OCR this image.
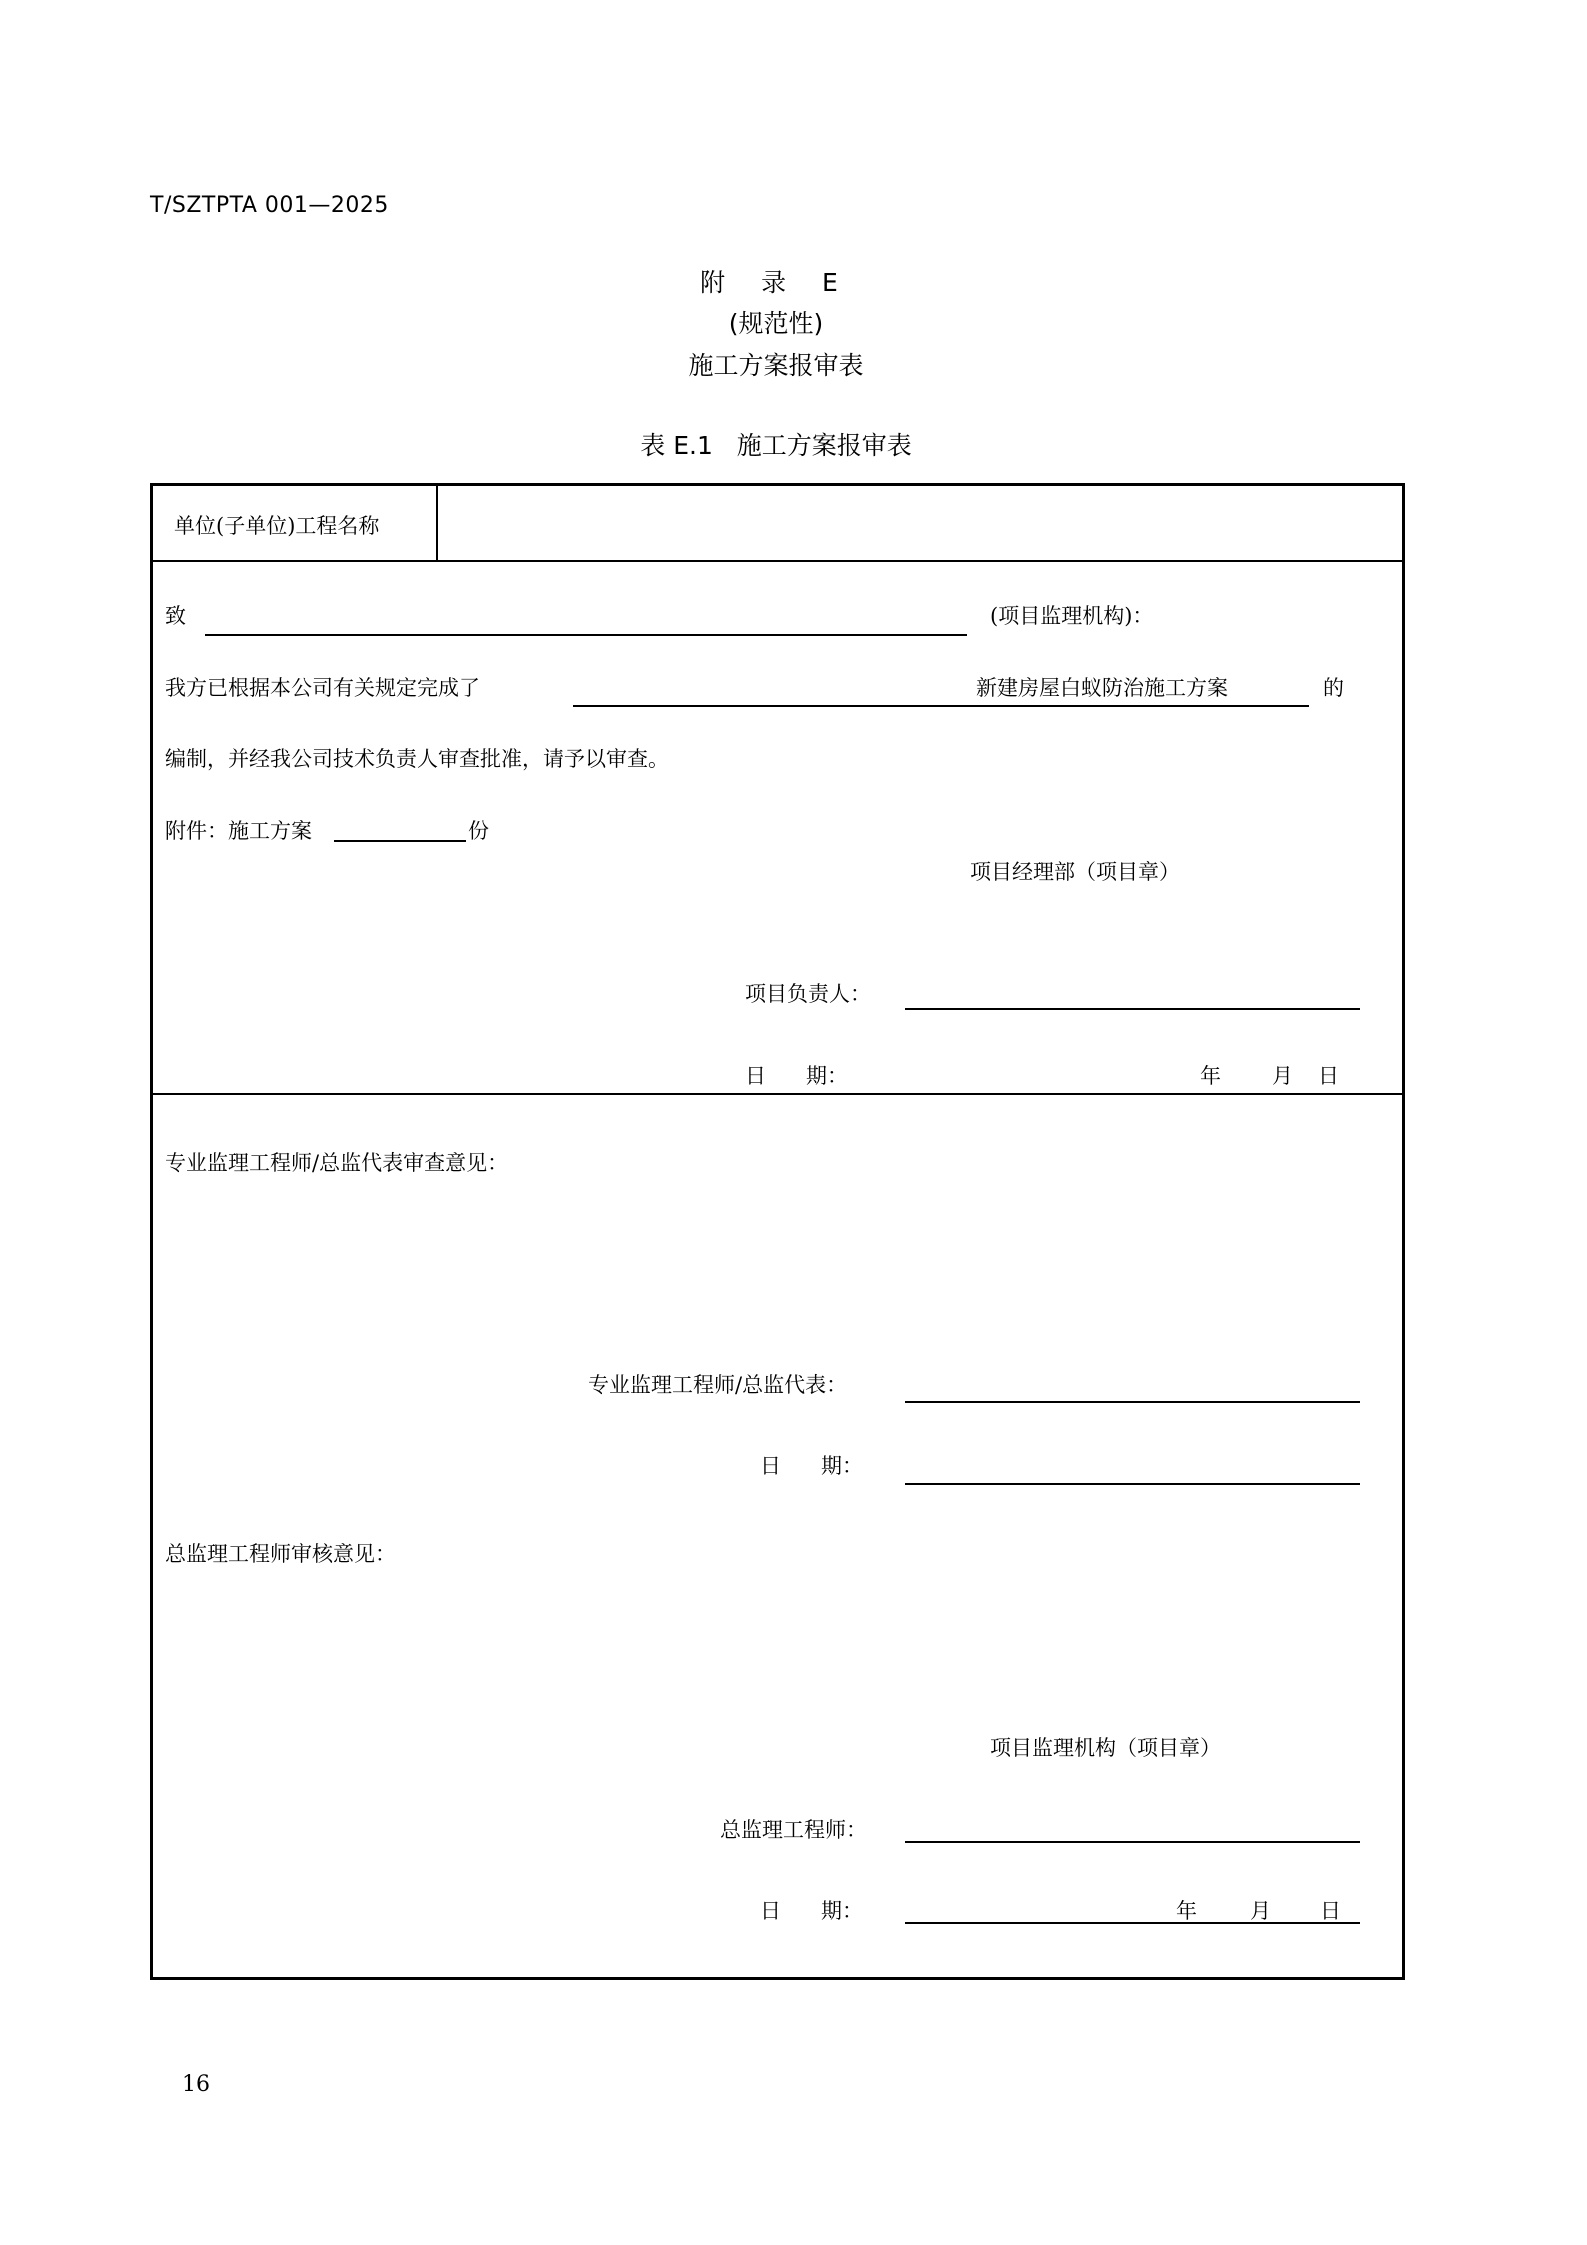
T/SZTPTA 001—2025
附 录 E
(规范性)
施工方案报审表
表 E.1   施工方案报审表
单位(子单位)工程名称
致	(项目监理机构)：
我方已根据本公司有关规定完成了	新建房屋白蚁防治施工方案	的
编制，并经我公司技术负责人审查批准，请予以审查。
附件：施工方案	份
项目经理部（项目章）
项目负责人：
日      期：	年 月 日
专业监理工程师/总监代表审查意见：
专业监理工程师/总监代表：
日      期：
总监理工程师审核意见：
项目监理机构（项目章）
总监理工程师：
日      期：	年	月 日
16
